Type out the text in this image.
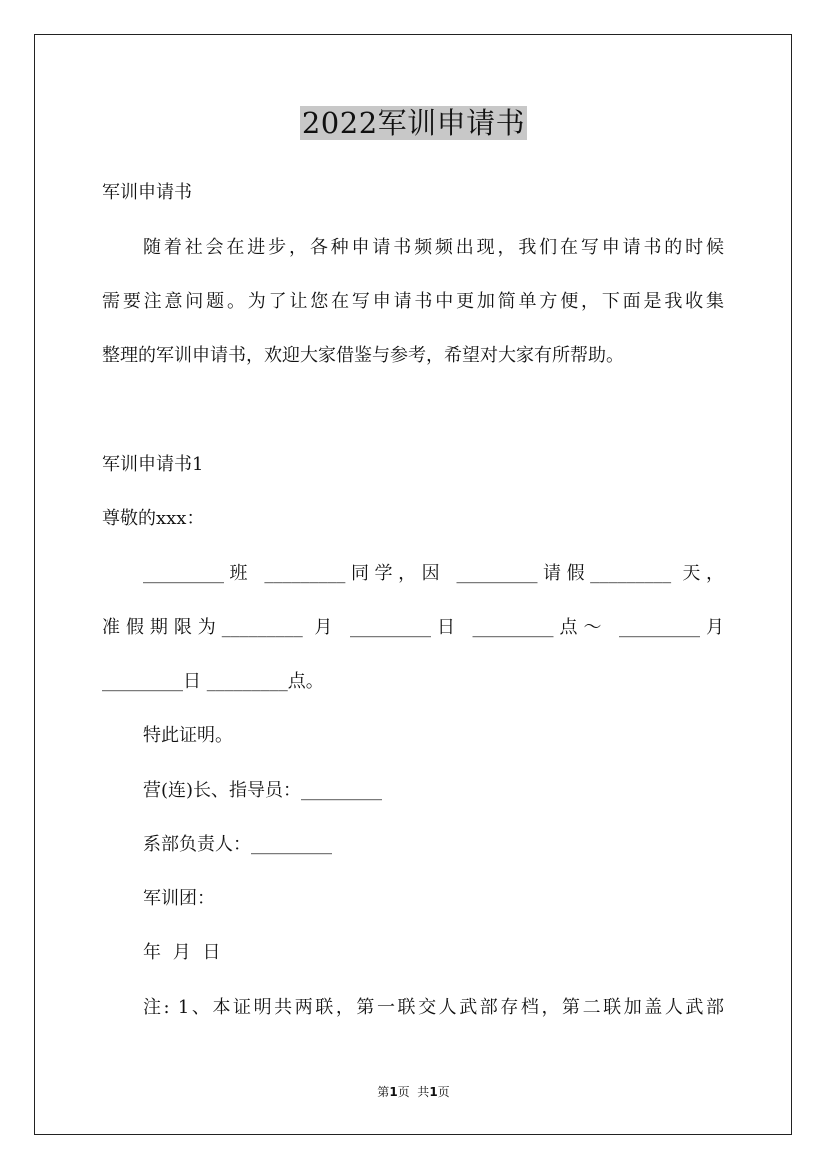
2022军训申请书
军训申请书
随着社会在进步，各种申请书频频出现，我们在写申请书的时候
需要注意问题。为了让您在写申请书中更加简单方便，下面是我收集
整理的军训申请书，欢迎大家借鉴与参考，希望对大家有所帮助。
军训申请书1
尊敬的xxx：
_________班 _________同学，因 _________请假_________ 天，
准假期限为_________ 月 _________日 _________点～ _________月
_________日 _________点。
特此证明。
营(连)长、指导员：_________
系部负责人：_________
军训团：
年 月 日
注: 1、本证明共两联，第一联交人武部存档，第二联加盖人武部
第1页  共1页
